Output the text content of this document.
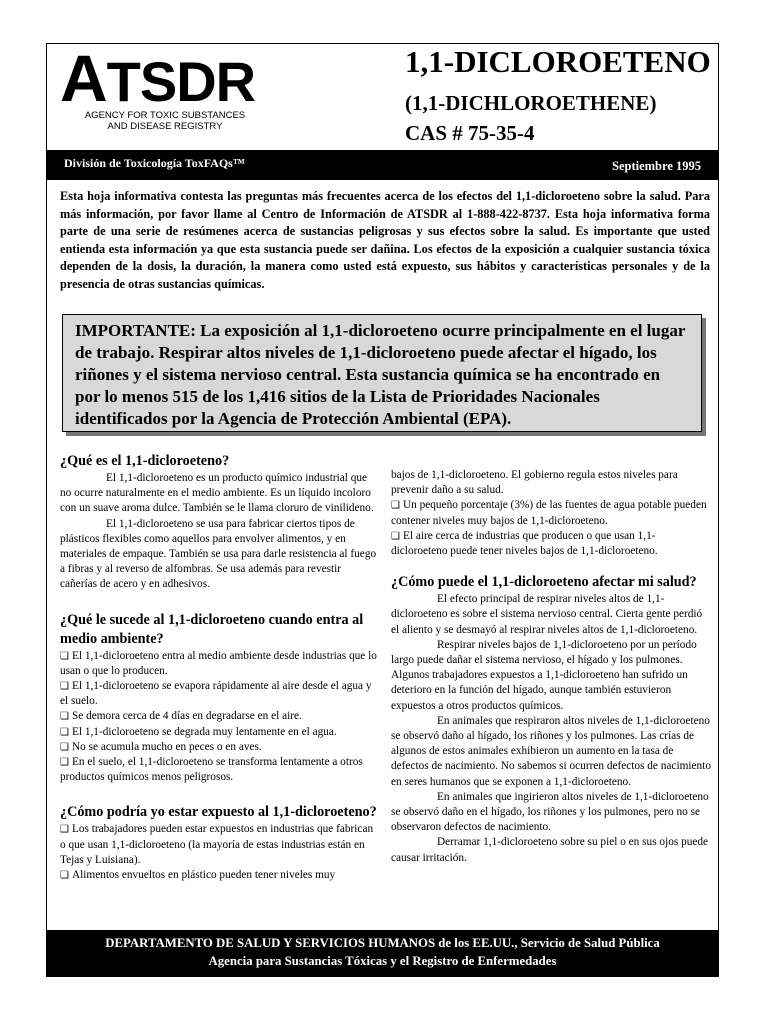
ATSDR
AGENCY FOR TOXIC SUBSTANCES
AND DISEASE REGISTRY
1,1-DICLOROETENO
(1,1-DICHLOROETHENE)
CAS # 75-35-4
División de Toxicología ToxFAQs™	Septiembre 1995
Esta hoja informativa contesta las preguntas más frecuentes acerca de los efectos del 1,1-dicloroeteno sobre la salud. Para más información, por favor llame al Centro de Información de ATSDR al 1-888-422-8737. Esta hoja informativa forma parte de una serie de resúmenes acerca de sustancias peligrosas y sus efectos sobre la salud. Es importante que usted entienda esta información ya que esta sustancia puede ser dañina. Los efectos de la exposición a cualquier sustancia tóxica dependen de la dosis, la duración, la manera como usted está expuesto, sus hábitos y características personales y de la presencia de otras sustancias químicas.

IMPORTANTE: La exposición al 1,1-dicloroeteno ocurre principalmente en el lugar de trabajo. Respirar altos niveles de 1,1-dicloroeteno puede afectar el hígado, los riñones y el sistema nervioso central. Esta sustancia química se ha encontrado en por lo menos 515 de los 1,416 sitios de la Lista de Prioridades Nacionales identificados por la Agencia de Protección Ambiental (EPA).

¿Qué es el 1,1-dicloroeteno?

El 1,1-dicloroeteno es un producto químico industrial que no ocurre naturalmente en el medio ambiente. Es un líquido incoloro con un suave aroma dulce. También se le llama cloruro de vinilideno.

El 1,1-dicloroeteno se usa para fabricar ciertos tipos de plásticos flexibles como aquellos para envolver alimentos, y en materiales de empaque. También se usa para darle resistencia al fuego a fibras y al reverso de alfombras. Se usa además para revestir cañerías de acero y en adhesivos.

¿Qué le sucede al 1,1-dicloroeteno cuando entra al medio ambiente?

❑ El 1,1-dicloroeteno entra al medio ambiente desde industrias que lo usan o que lo producen.

❑ El 1,1-dicloroeteno se evapora rápidamente al aire desde el agua y el suelo.

❑ Se demora cerca de 4 días en degradarse en el aire.

❑ El 1,1-dicloroeteno se degrada muy lentamente en el agua.

❑ No se acumula mucho en peces o en aves.

❑ En el suelo, el 1,1-dicloroeteno se transforma lentamente a otros productos químicos menos peligrosos.

¿Cómo podría yo estar expuesto al 1,1-dicloroeteno?

❑ Los trabajadores pueden estar expuestos en industrias que fabrican o que usan 1,1-dicloroeteno (la mayoría de estas industrias están en Tejas y Luisiana).

❑ Alimentos envueltos en plástico pueden tener niveles muy

bajos de 1,1-dicloroeteno. El gobierno regula estos niveles para prevenir daño a su salud.

❑ Un pequeño porcentaje (3%) de las fuentes de agua potable pueden contener niveles muy bajos de 1,1-dicloroeteno.

❑ El aire cerca de industrias que producen o que usan 1,1-dicloroeteno puede tener niveles bajos de 1,1-dicloroeteno.

¿Cómo puede el 1,1-dicloroeteno afectar mi salud?

El efecto principal de respirar niveles altos de 1,1-dicloroeteno es sobre el sistema nervioso central. Cierta gente perdió el aliento y se desmayó al respirar niveles altos de 1,1-dicloroeteno.

Respirar niveles bajos de 1,1-dicloroeteno por un período largo puede dañar el sistema nervioso, el hígado y los pulmones. Algunos trabajadores expuestos a 1,1-dicloroeteno han sufrido un deterioro en la función del hígado, aunque también estuvieron expuestos a otros productos químicos.

En animales que respiraron altos niveles de 1,1-dicloroeteno se observó daño al hígado, los riñones y los pulmones. Las crías de algunos de estos animales exhibieron un aumento en la tasa de defectos de nacimiento. No sabemos si ocurren defectos de nacimiento en seres humanos que se exponen a 1,1-dicloroeteno.

En animales que ingirieron altos niveles de 1,1-dicloroeteno se observó daño en el hígado, los riñones y los pulmones, pero no se observaron defectos de nacimiento.

Derramar 1,1-dicloroeteno sobre su piel o en sus ojos puede causar irritación.

DEPARTAMENTO DE SALUD Y SERVICIOS HUMANOS de los EE.UU., Servicio de Salud Pública
Agencia para Sustancias Tóxicas y el Registro de Enfermedades
